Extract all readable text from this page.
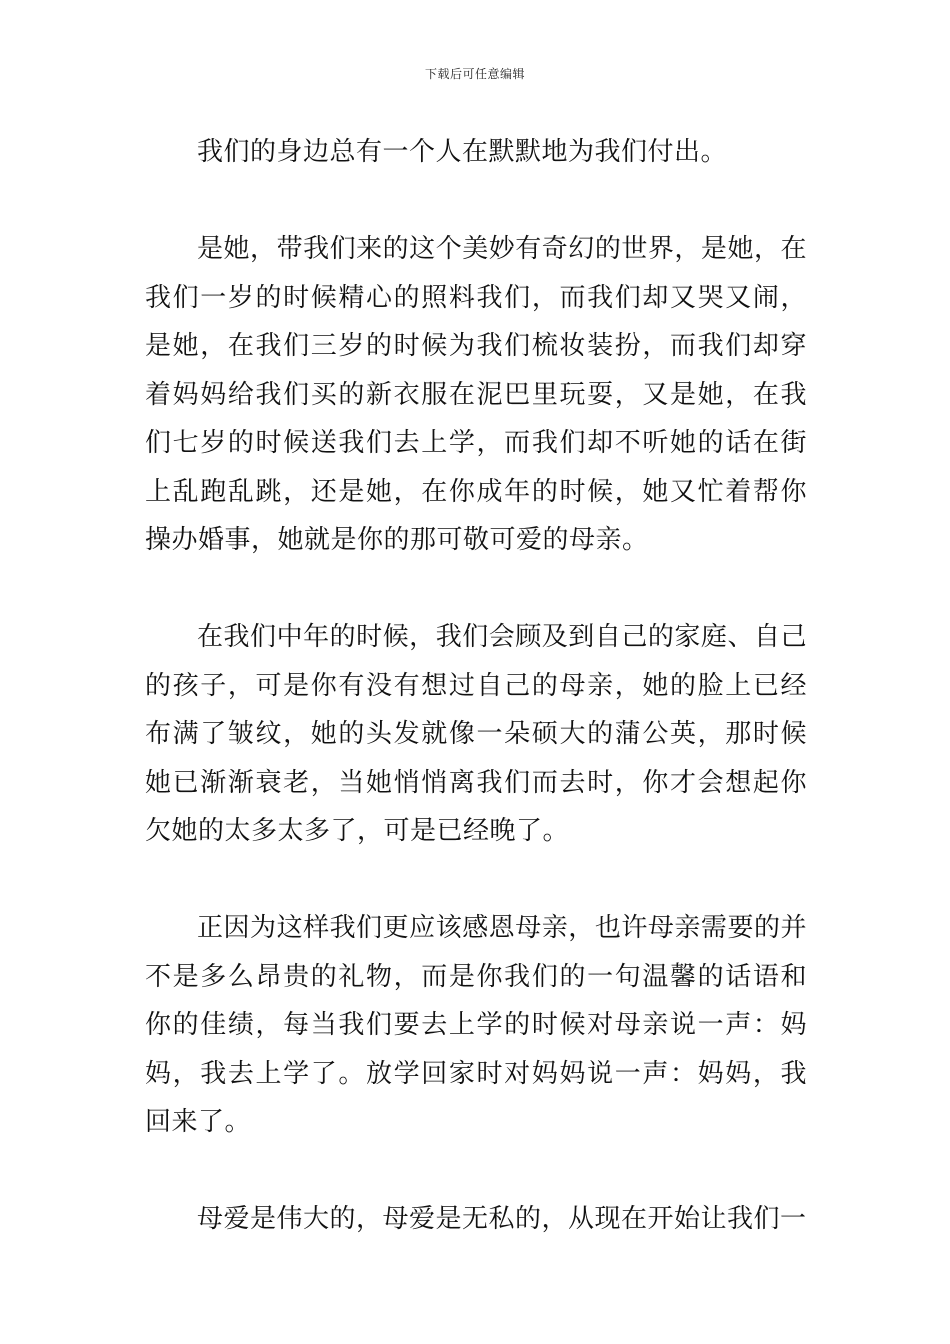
下载后可任意编辑

我们的身边总有一个人在默默地为我们付出。

是她，带我们来的这个美妙有奇幻的世界，是她，在我们一岁的时候精心的照料我们，而我们却又哭又闹，是她，在我们三岁的时候为我们梳妆装扮，而我们却穿着妈妈给我们买的新衣服在泥巴里玩耍，又是她，在我们七岁的时候送我们去上学，而我们却不听她的话在街上乱跑乱跳，还是她，在你成年的时候，她又忙着帮你操办婚事，她就是你的那可敬可爱的母亲。

在我们中年的时候，我们会顾及到自己的家庭、自己的孩子，可是你有没有想过自己的母亲，她的脸上已经布满了皱纹，她的头发就像一朵硕大的蒲公英，那时候她已渐渐衰老，当她悄悄离我们而去时，你才会想起你欠她的太多太多了，可是已经晚了。

正因为这样我们更应该感恩母亲，也许母亲需要的并不是多么昂贵的礼物，而是你我们的一句温馨的话语和你的佳绩，每当我们要去上学的时候对母亲说一声：妈妈，我去上学了。放学回家时对妈妈说一声：妈妈，我回来了。

母爱是伟大的，母爱是无私的，从现在开始让我们一
